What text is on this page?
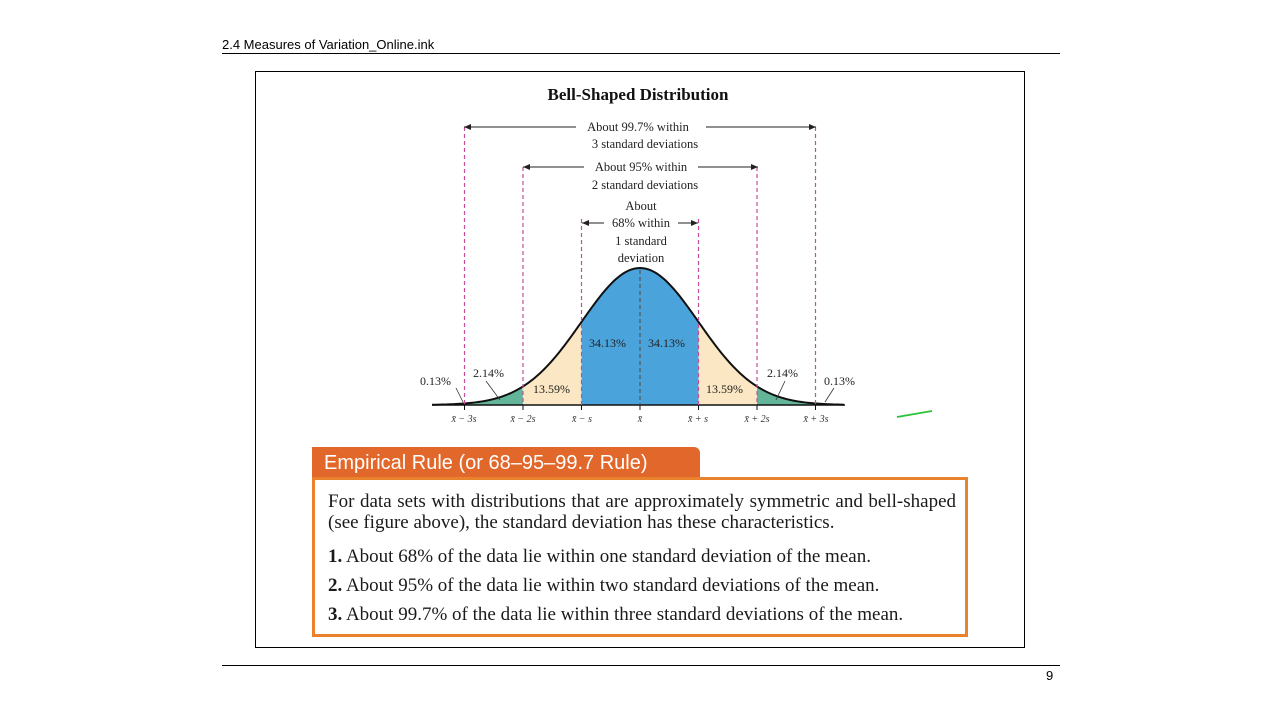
2.4 Measures of Variation_Online.ink
Bell-Shaped Distribution
About 99.7% within
3 standard deviations
About 95% within
2 standard deviations
About
68% within
1 standard
deviation
0.13%
2.14%
13.59%
34.13% 34.13%
13.59%
2.14%
0.13%
x̄ − 3s	x̄ − 2s	x̄ − s	x̄	x̄ + s	x̄ + 2s	x̄ + 3s
Empirical Rule (or 68–95–99.7 Rule)
For data sets with distributions that are approximately symmetric and bell-shaped (see figure above), the standard deviation has these characteristics.
1. About 68% of the data lie within one standard deviation of the mean.
2. About 95% of the data lie within two standard deviations of the mean.
3. About 99.7% of the data lie within three standard deviations of the mean.
9
